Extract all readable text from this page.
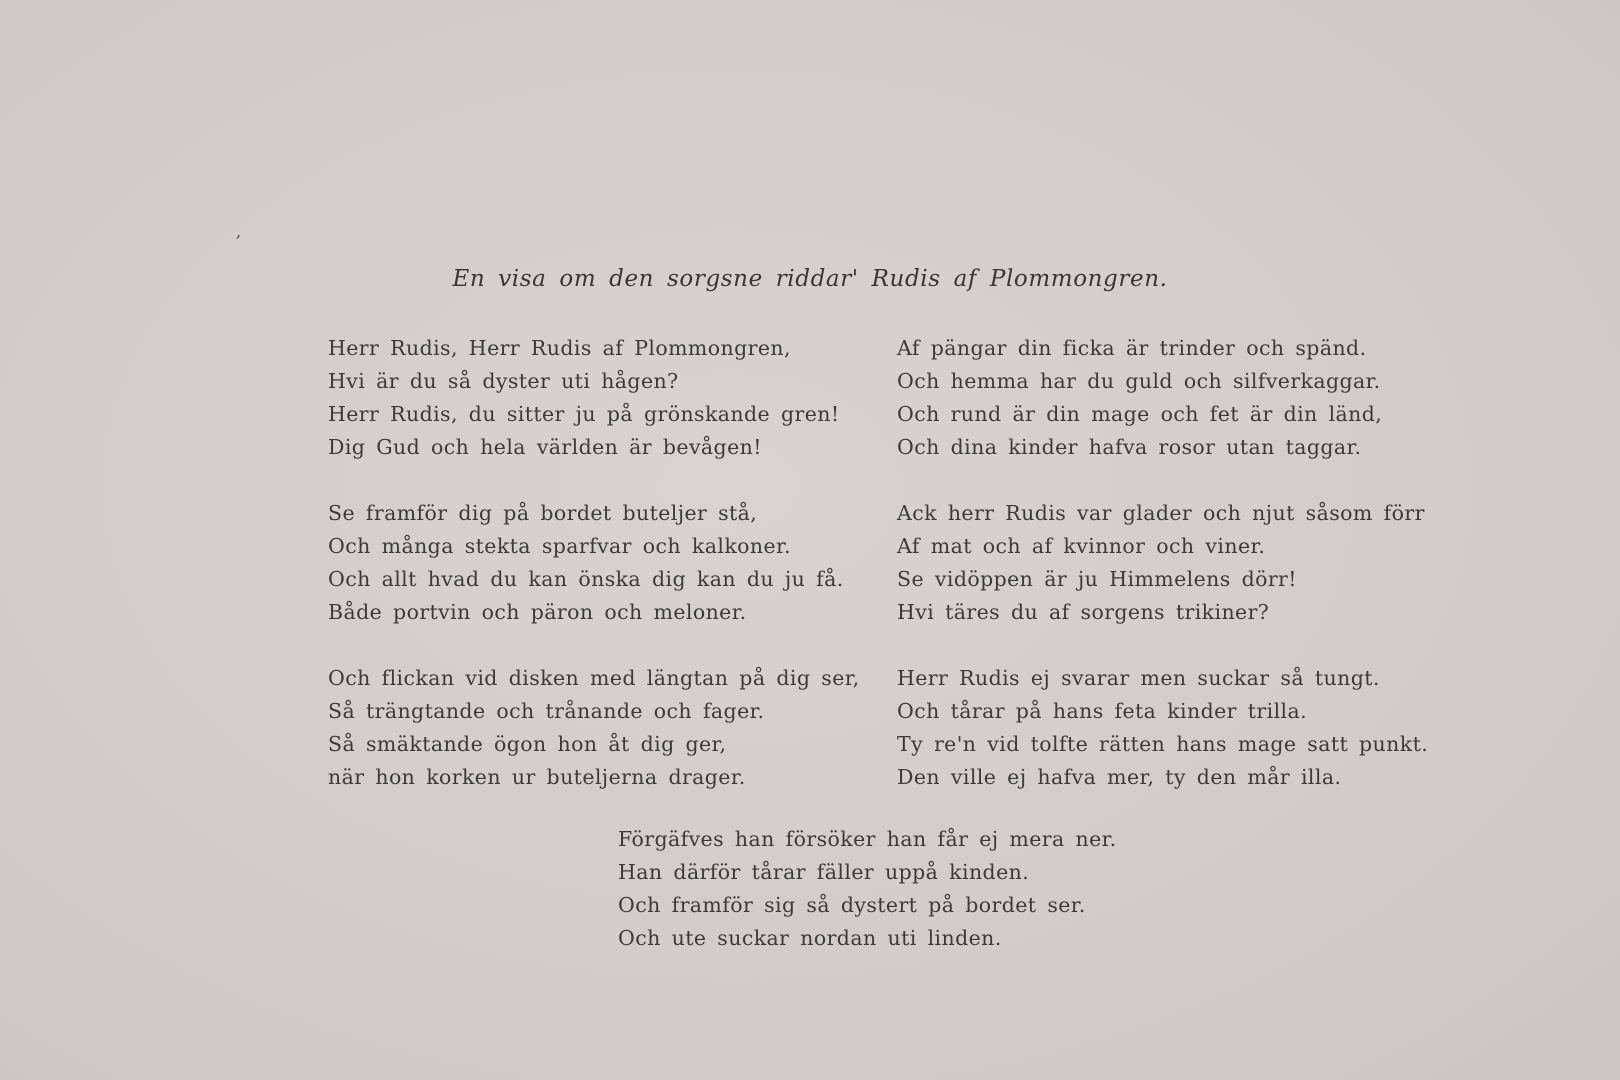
,
En visa om den sorgsne riddar' Rudis af Plommongren.
Herr Rudis, Herr Rudis af Plommongren,
Hvi är du så dyster uti hågen?
Herr Rudis, du sitter ju på grönskande gren!
Dig Gud och hela världen är bevågen!
Se framför dig på bordet buteljer stå,
Och många stekta sparfvar och kalkoner.
Och allt hvad du kan önska dig kan du ju få.
Både portvin och päron och meloner.
Och flickan vid disken med längtan på dig ser,
Så trängtande och trånande och fager.
Så smäktande ögon hon åt dig ger,
när hon korken ur buteljerna drager.
Af pängar din ficka är trinder och spänd.
Och hemma har du guld och silfverkaggar.
Och rund är din mage och fet är din länd,
Och dina kinder hafva rosor utan taggar.
Ack herr Rudis var glader och njut såsom förr
Af mat och af kvinnor och viner.
Se vidöppen är ju Himmelens dörr!
Hvi täres du af sorgens trikiner?
Herr Rudis ej svarar men suckar så tungt.
Och tårar på hans feta kinder trilla.
Ty re'n vid tolfte rätten hans mage satt punkt.
Den ville ej hafva mer, ty den mår illa.
Förgäfves han försöker han får ej mera ner.
Han därför tårar fäller uppå kinden.
Och framför sig så dystert på bordet ser.
Och ute suckar nordan uti linden.
